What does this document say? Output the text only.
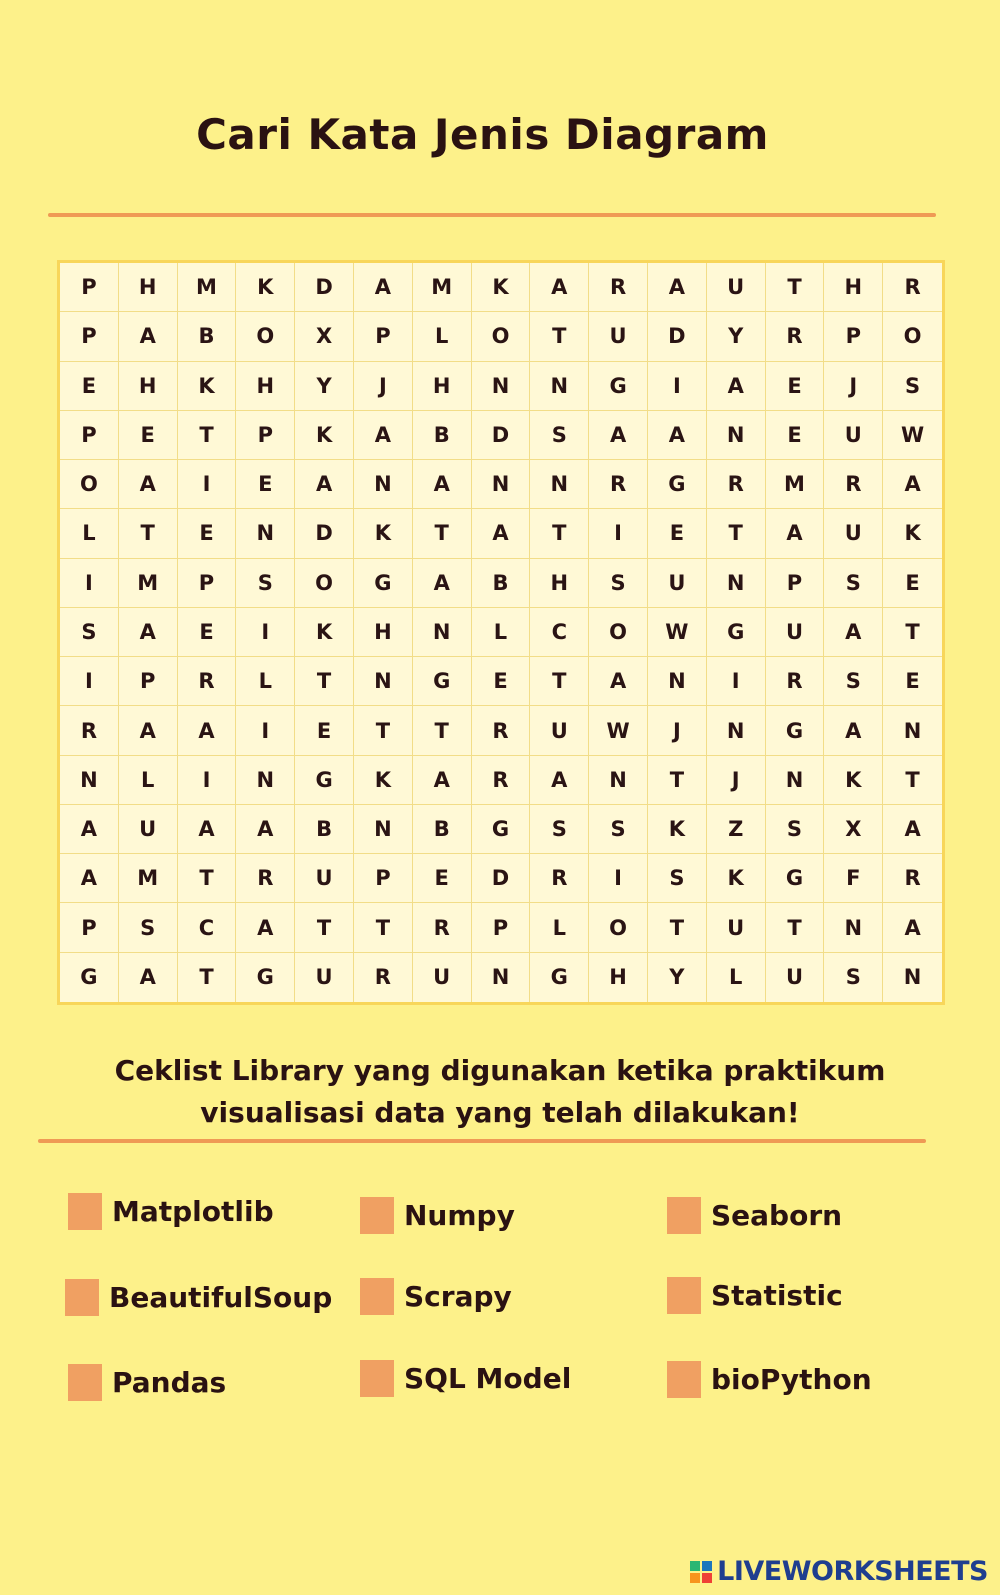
Cari Kata Jenis Diagram
P	H	M	K	D	A	M	K	A	R	A	U	T	H	R
P	A	B	O	X	P	L	O	T	U	D	Y	R	P	O
E	H	K	H	Y	J	H	N	N	G	I	A	E	J	S
P	E	T	P	K	A	B	D	S	A	A	N	E	U	W
O	A	I	E	A	N	A	N	N	R	G	R	M	R	A
L	T	E	N	D	K	T	A	T	I	E	T	A	U	K
I	M	P	S	O	G	A	B	H	S	U	N	P	S	E
S	A	E	I	K	H	N	L	C	O	W	G	U	A	T
I	P	R	L	T	N	G	E	T	A	N	I	R	S	E
R	A	A	I	E	T	T	R	U	W	J	N	G	A	N
N	L	I	N	G	K	A	R	A	N	T	J	N	K	T
A	U	A	A	B	N	B	G	S	S	K	Z	S	X	A
A	M	T	R	U	P	E	D	R	I	S	K	G	F	R
P	S	C	A	T	T	R	P	L	O	T	U	T	N	A
G	A	T	G	U	R	U	N	G	H	Y	L	U	S	N
Ceklist Library yang digunakan ketika praktikum
visualisasi data yang telah dilakukan!
Matplotlib	Numpy	Seaborn
BeautifulSoup	Scrapy	Statistic
Pandas	SQL Model	bioPython
LIVEWORKSHEETS
